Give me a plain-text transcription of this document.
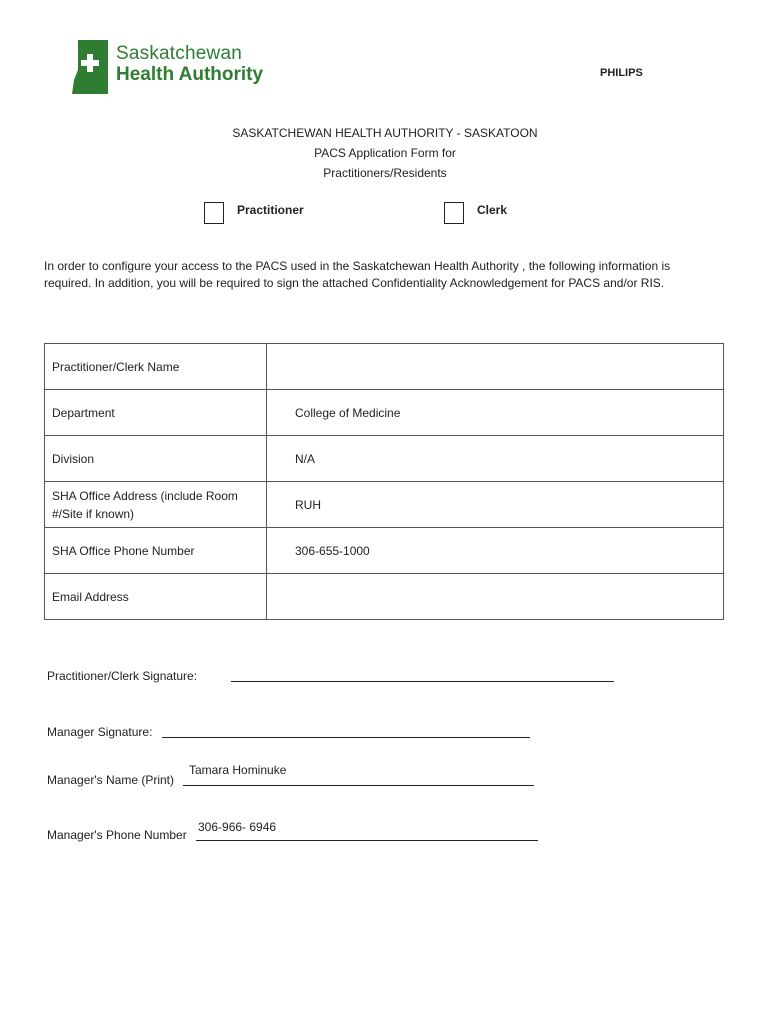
Saskatchewan
Health Authority	PHILIPS
SASKATCHEWAN HEALTH AUTHORITY - SASKATOON
PACS Application Form for
Practitioners/Residents
Practitioner	Clerk
In order to configure your access to the PACS used in the Saskatchewan Health Authority , the following information is required. In addition, you will be required to sign the attached Confidentiality Acknowledgement for PACS and/or RIS.
Practitioner/Clerk Name	

Department	College of Medicine

Division	N/A

SHA Office Address (include Room #/Site if known)	RUH

SHA Office Phone Number	306-655-1000

Email Address	

Practitioner/Clerk Signature:
Manager Signature:
Manager's Name (Print)
Tamara Hominuke
Manager's Phone Number
306-966- 6946
